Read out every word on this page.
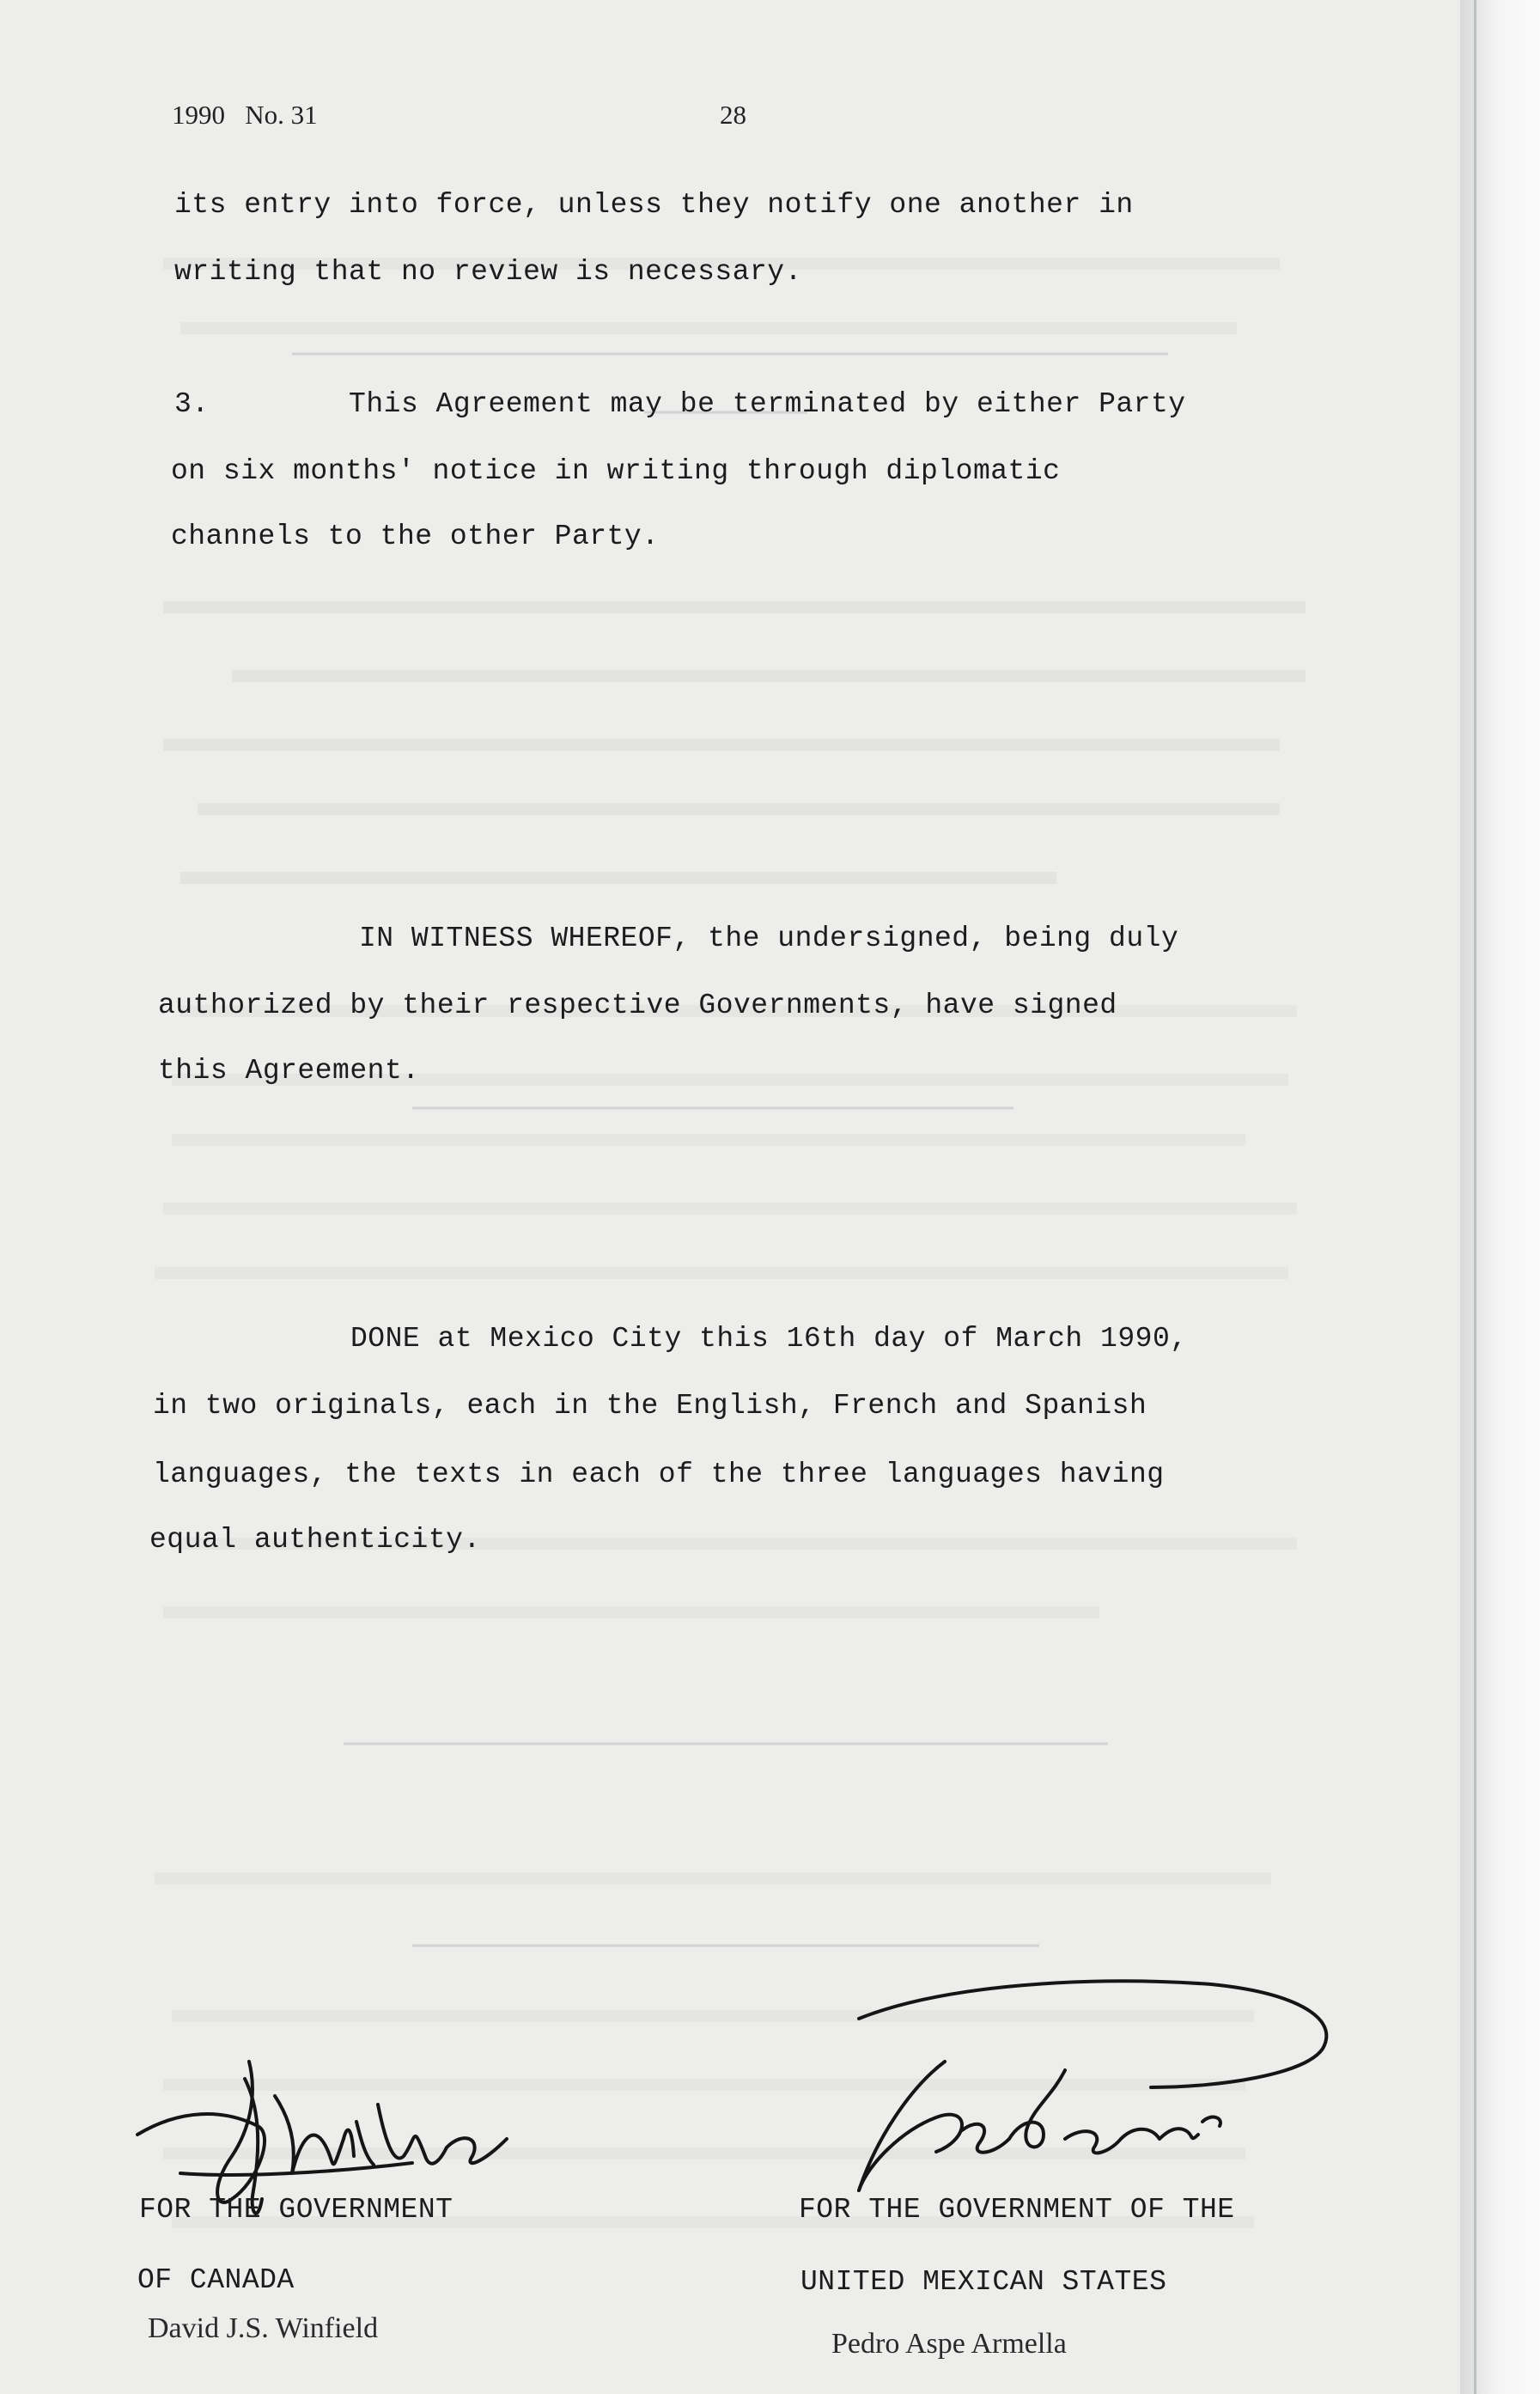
1990   No. 31	28
its entry into force, unless they notify one another in
writing that no review is necessary.
3.        This Agreement may be terminated by either Party
on six months' notice in writing through diplomatic
channels to the other Party.
IN WITNESS WHEREOF, the undersigned, being duly
authorized by their respective Governments, have signed
this Agreement.
DONE at Mexico City this 16th day of March 1990,
in two originals, each in the English, French and Spanish
languages, the texts in each of the three languages having
equal authenticity.
FOR THE GOVERNMENT
OF CANADA
David J.S. Winfield
FOR THE GOVERNMENT OF THE
UNITED MEXICAN STATES
Pedro Aspe Armella
